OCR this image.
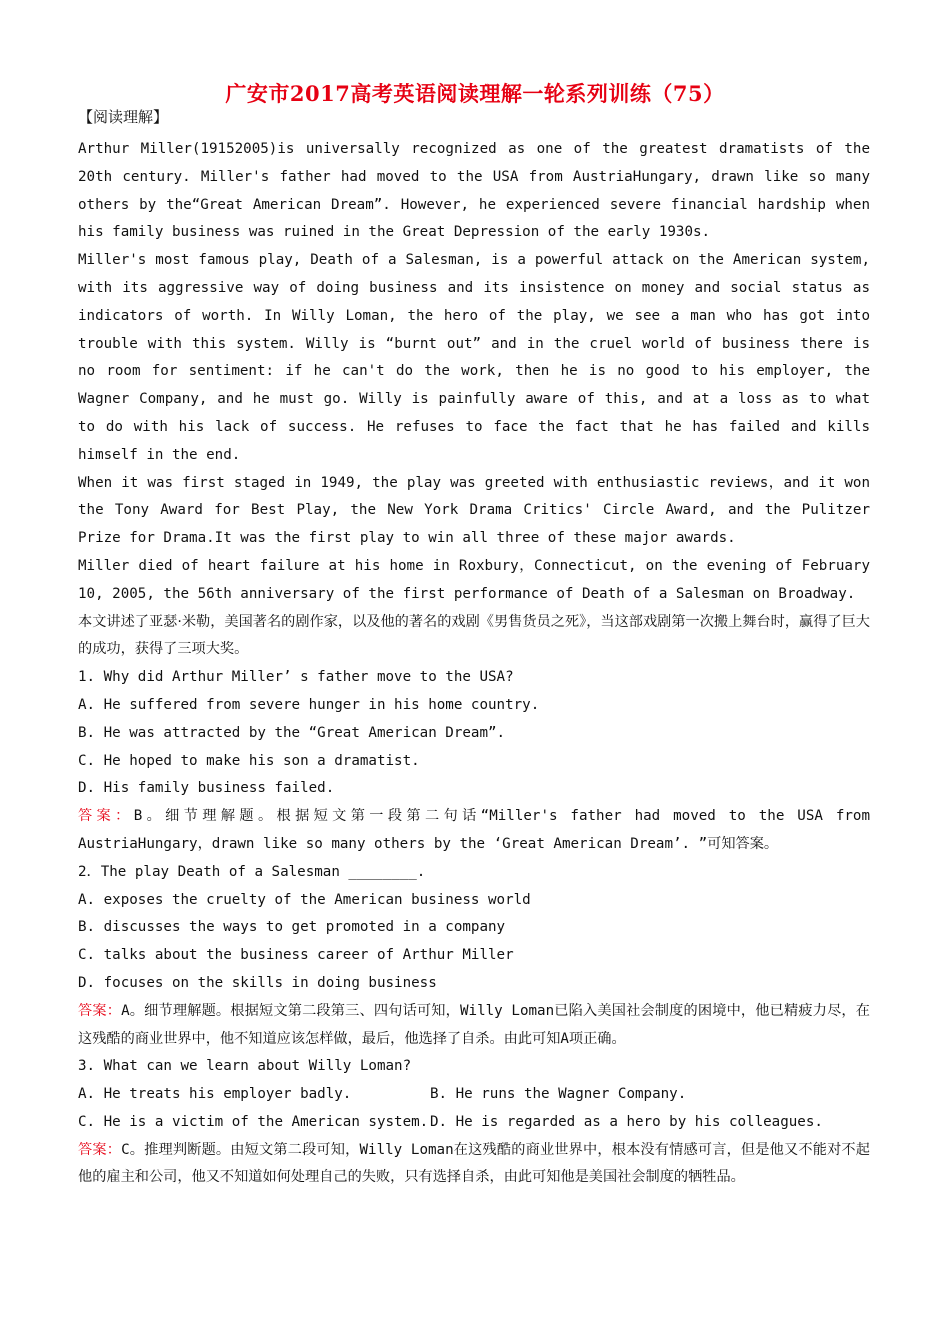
广安市2017高考英语阅读理解一轮系列训练（75）
【阅读理解】

Arthur Miller(19152005)is universally recognized as one of the greatest dramatists of the 20th century. Miller's father had moved to the USA from AustriaHungary, drawn like so many others by the“Great American Dream”. However, he experienced severe financial hardship when his family business was ruined in the Great Depression of the early 1930s.

Miller's most famous play, Death of a Salesman, is a powerful attack on the American system, with its aggressive way of doing business and its insistence on money and social status as indicators of worth. In Willy Loman, the hero of the play, we see a man who has got into trouble with this system. Willy is “burnt out” and in the cruel world of business there is no room for sentiment: if he can't do the work, then he is no good to his employer, the Wagner Company, and he must go. Willy is painfully aware of this, and at a loss as to what to do with his lack of success. He refuses to face the fact that he has failed and kills himself in the end.

When it was first staged in 1949, the play was greeted with enthusiastic reviews，and it won the Tony Award for Best Play, the New York Drama Critics' Circle Award, and the Pulitzer Prize for Drama.It was the first play to win all three of these major awards.

Miller died of heart failure at his home in Roxbury，Connecticut, on the evening of February 10, 2005, the 56th anniversary of the first performance of Death of a Salesman on Broadway.

本文讲述了亚瑟·米勒，美国著名的剧作家，以及他的著名的戏剧《男售货员之死》，当这部戏剧第一次搬上舞台时，赢得了巨大的成功，获得了三项大奖。

1. Why did Arthur Miller’ s father move to the USA?

A. He suffered from severe hunger in his home country.

B. He was attracted by the “Great American Dream”.

C. He hoped to make his son a dramatist.

D. His family business failed.

答案：B。细节理解题。根据短文第一段第二句话“Miller's father had moved to the USA from AustriaHungary，drawn like so many others by the ‘Great American Dream’. ”可知答案。

2．The play Death of a Salesman ________.

A. exposes the cruelty of the American business world

B. discusses the ways to get promoted in a company

C. talks about the business career of Arthur Miller

D. focuses on the skills in doing business

答案：A。细节理解题。根据短文第二段第三、四句话可知，Willy Loman已陷入美国社会制度的困境中，他已精疲力尽，在这残酷的商业世界中，他不知道应该怎样做，最后，他选择了自杀。由此可知A项正确。

3. What can we learn about Willy Loman?

A. He treats his employer badly.	B. He runs the Wagner Company.
C. He is a victim of the American system. D. He is regarded as a hero by his colleagues.

答案：C。推理判断题。由短文第二段可知，Willy Loman在这残酷的商业世界中，根本没有情感可言，但是他又不能对不起他的雇主和公司，他又不知道如何处理自己的失败，只有选择自杀，由此可知他是美国社会制度的牺牲品。
